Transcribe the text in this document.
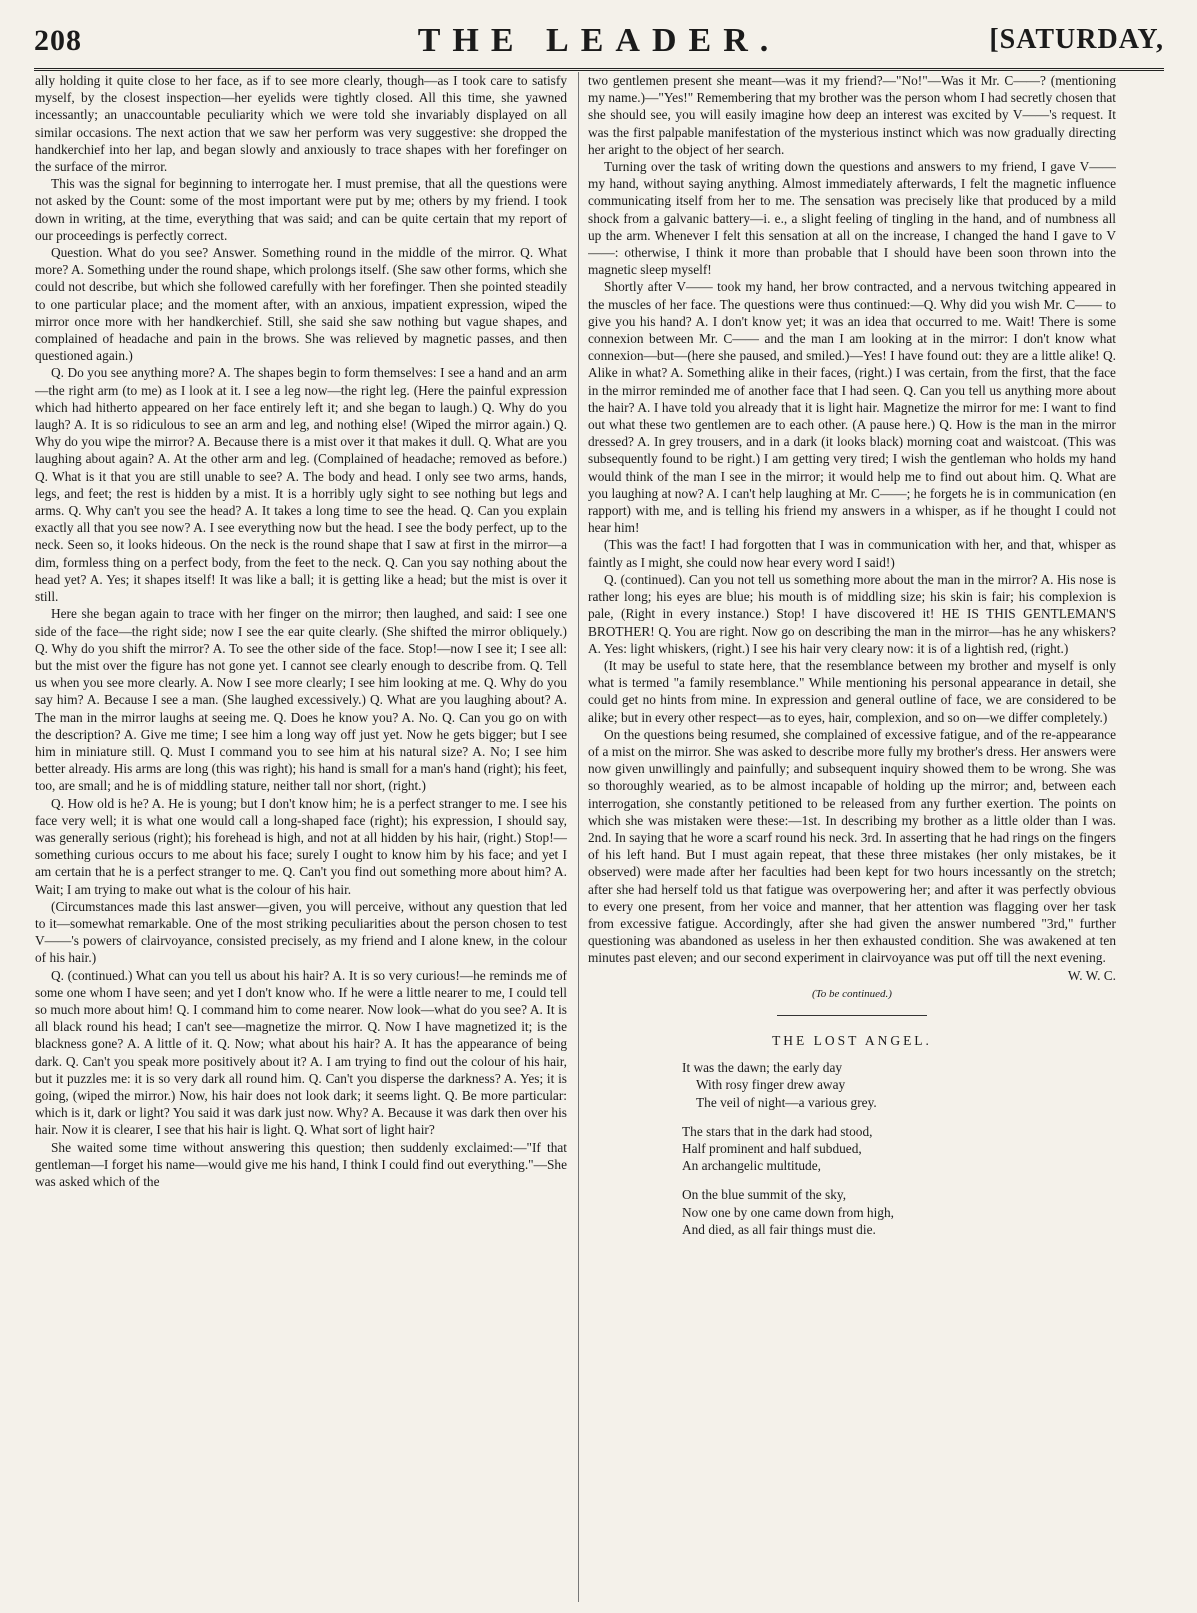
208	THE LEADER.	[SATURDAY,

ally holding it quite close to her face, as if to see more clearly, though—as I took care to satisfy myself, by the closest inspection—her eyelids were tightly closed. All this time, she yawned incessantly; an unaccountable peculiarity which we were told she invariably displayed on all similar occasions. The next action that we saw her perform was very suggestive: she dropped the handkerchief into her lap, and began slowly and anxiously to trace shapes with her forefinger on the surface of the mirror.

This was the signal for beginning to interrogate her. I must premise, that all the questions were not asked by the Count: some of the most important were put by me; others by my friend. I took down in writing, at the time, everything that was said; and can be quite certain that my report of our proceedings is perfectly correct.

Question. What do you see? Answer. Something round in the middle of the mirror. Q. What more? A. Something under the round shape, which prolongs itself. (She saw other forms, which she could not describe, but which she followed carefully with her forefinger. Then she pointed steadily to one particular place; and the moment after, with an anxious, impatient expression, wiped the mirror once more with her handkerchief. Still, she said she saw nothing but vague shapes, and complained of headache and pain in the brows. She was relieved by magnetic passes, and then questioned again.)

Q. Do you see anything more? A. The shapes begin to form themselves: I see a hand and an arm—the right arm (to me) as I look at it. I see a leg now—the right leg. (Here the painful expression which had hitherto appeared on her face entirely left it; and she began to laugh.) Q. Why do you laugh? A. It is so ridiculous to see an arm and leg, and nothing else! (Wiped the mirror again.) Q. Why do you wipe the mirror? A. Because there is a mist over it that makes it dull. Q. What are you laughing about again? A. At the other arm and leg. (Complained of headache; removed as before.) Q. What is it that you are still unable to see? A. The body and head. I only see two arms, hands, legs, and feet; the rest is hidden by a mist. It is a horribly ugly sight to see nothing but legs and arms. Q. Why can't you see the head? A. It takes a long time to see the head. Q. Can you explain exactly all that you see now? A. I see everything now but the head. I see the body perfect, up to the neck. Seen so, it looks hideous. On the neck is the round shape that I saw at first in the mirror—a dim, formless thing on a perfect body, from the feet to the neck. Q. Can you say nothing about the head yet? A. Yes; it shapes itself! It was like a ball; it is getting like a head; but the mist is over it still.

Here she began again to trace with her finger on the mirror; then laughed, and said: I see one side of the face—the right side; now I see the ear quite clearly. (She shifted the mirror obliquely.) Q. Why do you shift the mirror? A. To see the other side of the face. Stop!—now I see it; I see all: but the mist over the figure has not gone yet. I cannot see clearly enough to describe from. Q. Tell us when you see more clearly. A. Now I see more clearly; I see him looking at me. Q. Why do you say him? A. Because I see a man. (She laughed excessively.) Q. What are you laughing about? A. The man in the mirror laughs at seeing me. Q. Does he know you? A. No. Q. Can you go on with the description? A. Give me time; I see him a long way off just yet. Now he gets bigger; but I see him in miniature still. Q. Must I command you to see him at his natural size? A. No; I see him better already. His arms are long (this was right); his hand is small for a man's hand (right); his feet, too, are small; and he is of middling stature, neither tall nor short, (right.)

Q. How old is he? A. He is young; but I don't know him; he is a perfect stranger to me. I see his face very well; it is what one would call a long-shaped face (right); his expression, I should say, was generally serious (right); his forehead is high, and not at all hidden by his hair, (right.) Stop!—something curious occurs to me about his face; surely I ought to know him by his face; and yet I am certain that he is a perfect stranger to me. Q. Can't you find out something more about him? A. Wait; I am trying to make out what is the colour of his hair.

(Circumstances made this last answer—given, you will perceive, without any question that led to it—somewhat remarkable. One of the most striking peculiarities about the person chosen to test V——'s powers of clairvoyance, consisted precisely, as my friend and I alone knew, in the colour of his hair.)

Q. (continued.) What can you tell us about his hair? A. It is so very curious!—he reminds me of some one whom I have seen; and yet I don't know who. If he were a little nearer to me, I could tell so much more about him! Q. I command him to come nearer. Now look—what do you see? A. It is all black round his head; I can't see—magnetize the mirror. Q. Now I have magnetized it; is the blackness gone? A. A little of it. Q. Now; what about his hair? A. It has the appearance of being dark. Q. Can't you speak more positively about it? A. I am trying to find out the colour of his hair, but it puzzles me: it is so very dark all round him. Q. Can't you disperse the darkness? A. Yes; it is going, (wiped the mirror.) Now, his hair does not look dark; it seems light. Q. Be more particular: which is it, dark or light? You said it was dark just now. Why? A. Because it was dark then over his hair. Now it is clearer, I see that his hair is light. Q. What sort of light hair?

She waited some time without answering this question; then suddenly exclaimed:—"If that gentleman—I forget his name—would give me his hand, I think I could find out everything."—She was asked which of the

two gentlemen present she meant—was it my friend?—"No!"—Was it Mr. C——? (mentioning my name.)—"Yes!" Remembering that my brother was the person whom I had secretly chosen that she should see, you will easily imagine how deep an interest was excited by V——'s request. It was the first palpable manifestation of the mysterious instinct which was now gradually directing her aright to the object of her search.

Turning over the task of writing down the questions and answers to my friend, I gave V—— my hand, without saying anything. Almost immediately afterwards, I felt the magnetic influence communicating itself from her to me. The sensation was precisely like that produced by a mild shock from a galvanic battery—i. e., a slight feeling of tingling in the hand, and of numbness all up the arm. Whenever I felt this sensation at all on the increase, I changed the hand I gave to V——: otherwise, I think it more than probable that I should have been soon thrown into the magnetic sleep myself!

Shortly after V—— took my hand, her brow contracted, and a nervous twitching appeared in the muscles of her face. The questions were thus continued:—Q. Why did you wish Mr. C—— to give you his hand? A. I don't know yet; it was an idea that occurred to me. Wait! There is some connexion between Mr. C—— and the man I am looking at in the mirror: I don't know what connexion—but—(here she paused, and smiled.)—Yes! I have found out: they are a little alike! Q. Alike in what? A. Something alike in their faces, (right.) I was certain, from the first, that the face in the mirror reminded me of another face that I had seen. Q. Can you tell us anything more about the hair? A. I have told you already that it is light hair. Magnetize the mirror for me: I want to find out what these two gentlemen are to each other. (A pause here.) Q. How is the man in the mirror dressed? A. In grey trousers, and in a dark (it looks black) morning coat and waistcoat. (This was subsequently found to be right.) I am getting very tired; I wish the gentleman who holds my hand would think of the man I see in the mirror; it would help me to find out about him. Q. What are you laughing at now? A. I can't help laughing at Mr. C——; he forgets he is in communication (en rapport) with me, and is telling his friend my answers in a whisper, as if he thought I could not hear him!

(This was the fact! I had forgotten that I was in communication with her, and that, whisper as faintly as I might, she could now hear every word I said!)

Q. (continued). Can you not tell us something more about the man in the mirror? A. His nose is rather long; his eyes are blue; his mouth is of middling size; his skin is fair; his complexion is pale, (Right in every instance.) Stop! I have discovered it! HE IS THIS GENTLEMAN'S BROTHER! Q. You are right. Now go on describing the man in the mirror—has he any whiskers? A. Yes: light whiskers, (right.) I see his hair very cleary now: it is of a lightish red, (right.)

(It may be useful to state here, that the resemblance between my brother and myself is only what is termed "a family resemblance." While mentioning his personal appearance in detail, she could get no hints from mine. In expression and general outline of face, we are considered to be alike; but in every other respect—as to eyes, hair, complexion, and so on—we differ completely.)

On the questions being resumed, she complained of excessive fatigue, and of the re-appearance of a mist on the mirror. She was asked to describe more fully my brother's dress. Her answers were now given unwillingly and painfully; and subsequent inquiry showed them to be wrong. She was so thoroughly wearied, as to be almost incapable of holding up the mirror; and, between each interrogation, she constantly petitioned to be released from any further exertion. The points on which she was mistaken were these:—1st. In describing my brother as a little older than I was. 2nd. In saying that he wore a scarf round his neck. 3rd. In asserting that he had rings on the fingers of his left hand. But I must again repeat, that these three mistakes (her only mistakes, be it observed) were made after her faculties had been kept for two hours incessantly on the stretch; after she had herself told us that fatigue was overpowering her; and after it was perfectly obvious to every one present, from her voice and manner, that her attention was flagging over her task from excessive fatigue. Accordingly, after she had given the answer numbered "3rd," further questioning was abandoned as useless in her then exhausted condition. She was awakened at ten minutes past eleven; and our second experiment in clairvoyance was put off till the next evening.

W. W. C.

(To be continued.)
THE LOST ANGEL.
It was the dawn; the early day
With rosy finger drew away
The veil of night—a various grey.
The stars that in the dark had stood,
Half prominent and half subdued,
An archangelic multitude,
On the blue summit of the sky,
Now one by one came down from high,
And died, as all fair things must die.
